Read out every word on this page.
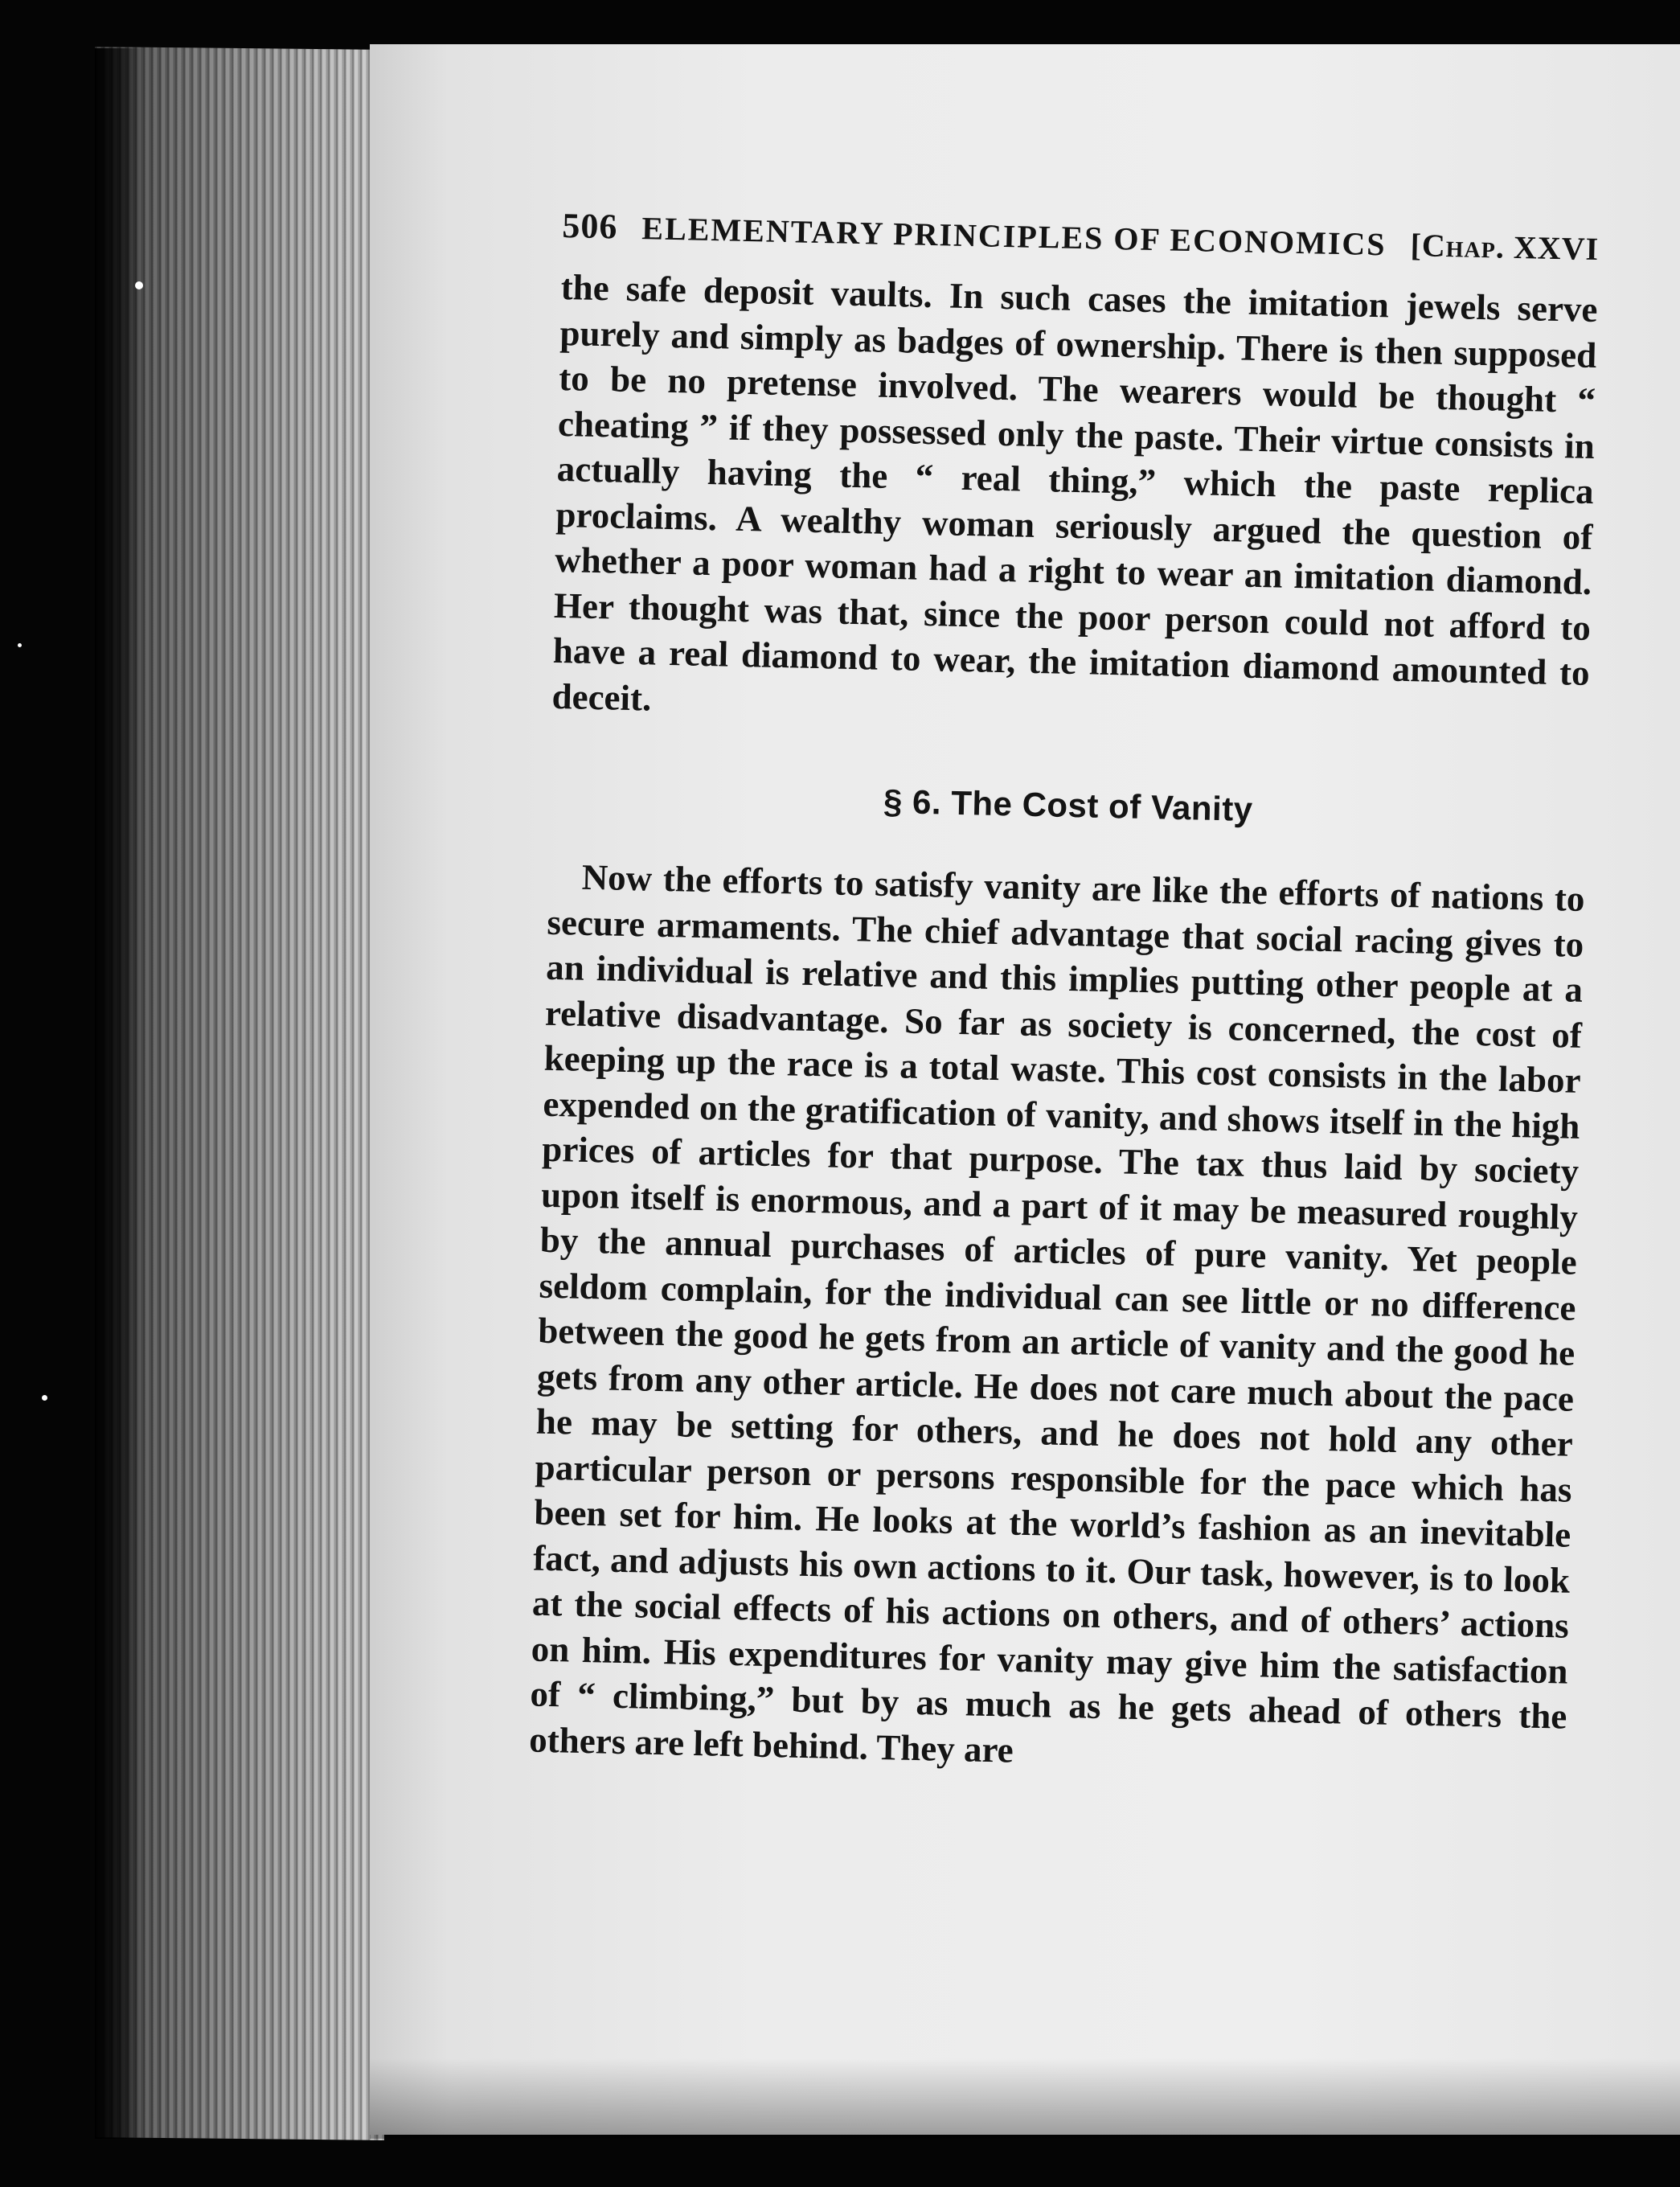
506 ELEMENTARY PRINCIPLES OF ECONOMICS [Chap. XXVI

the safe deposit vaults. In such cases the imitation jewels serve purely and simply as badges of ownership. There is then supposed to be no pretense involved. The wearers would be thought “ cheating ” if they possessed only the paste. Their virtue consists in actually having the “ real thing,” which the paste replica proclaims. A wealthy woman seriously argued the question of whether a poor woman had a right to wear an imitation diamond. Her thought was that, since the poor person could not afford to have a real diamond to wear, the imitation diamond amounted to deceit.

§ 6. The Cost of Vanity

Now the efforts to satisfy vanity are like the efforts of nations to secure armaments. The chief advantage that social racing gives to an individual is relative and this implies putting other people at a relative disadvantage. So far as society is concerned, the cost of keeping up the race is a total waste. This cost consists in the labor expended on the gratification of vanity, and shows itself in the high prices of articles for that purpose. The tax thus laid by society upon itself is enormous, and a part of it may be measured roughly by the annual purchases of articles of pure vanity. Yet people seldom complain, for the individual can see little or no difference between the good he gets from an article of vanity and the good he gets from any other article. He does not care much about the pace he may be setting for others, and he does not hold any other particular person or persons responsible for the pace which has been set for him. He looks at the world’s fashion as an inevitable fact, and adjusts his own actions to it. Our task, however, is to look at the social effects of his actions on others, and of others’ actions on him. His expenditures for vanity may give him the satisfaction of “ climbing,” but by as much as he gets ahead of others the others are left behind. They are
